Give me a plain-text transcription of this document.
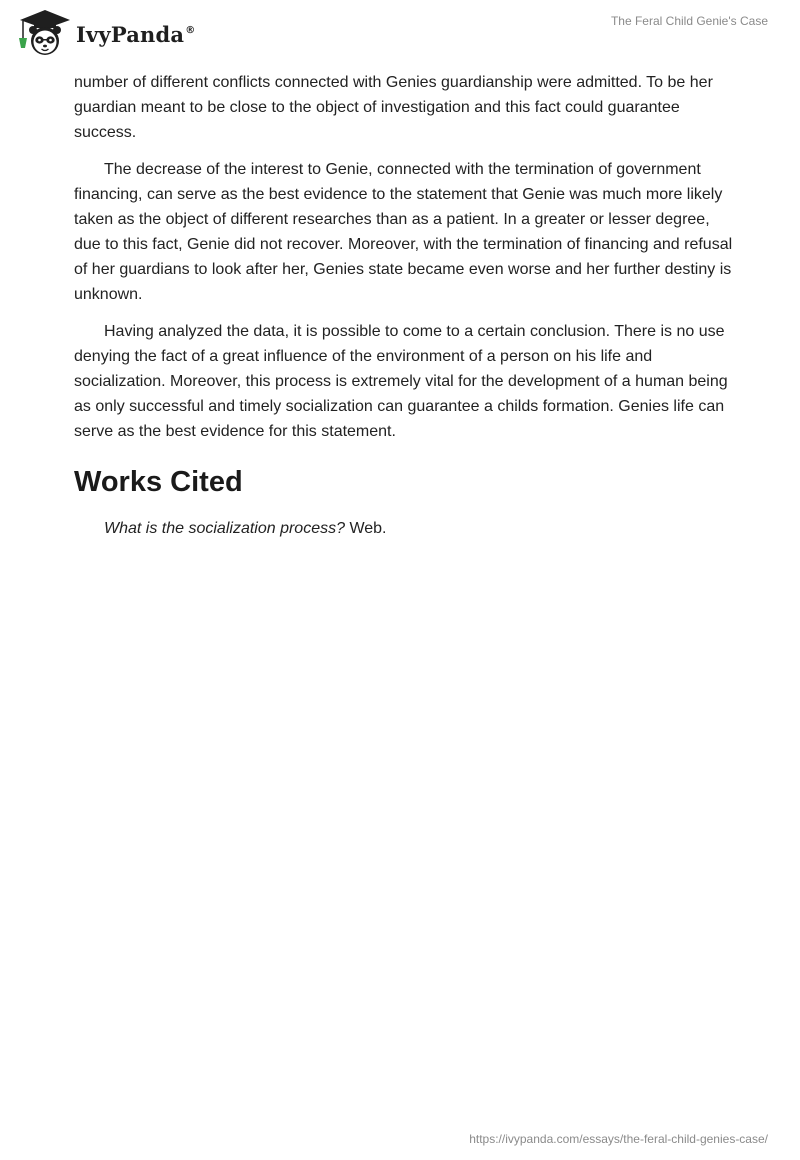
IvyPanda®
The Feral Child Genie's Case

number of different conflicts connected with Genies guardianship were admitted. To be her guardian meant to be close to the object of investigation and this fact could guarantee success.

The decrease of the interest to Genie, connected with the termination of government financing, can serve as the best evidence to the statement that Genie was much more likely taken as the object of different researches than as a patient. In a greater or lesser degree, due to this fact, Genie did not recover. Moreover, with the termination of financing and refusal of her guardians to look after her, Genies state became even worse and her further destiny is unknown.

Having analyzed the data, it is possible to come to a certain conclusion. There is no use denying the fact of a great influence of the environment of a person on his life and socialization. Moreover, this process is extremely vital for the development of a human being as only successful and timely socialization can guarantee a childs formation. Genies life can serve as the best evidence for this statement.

Works Cited

What is the socialization process? Web.

https://ivypanda.com/essays/the-feral-child-genies-case/
